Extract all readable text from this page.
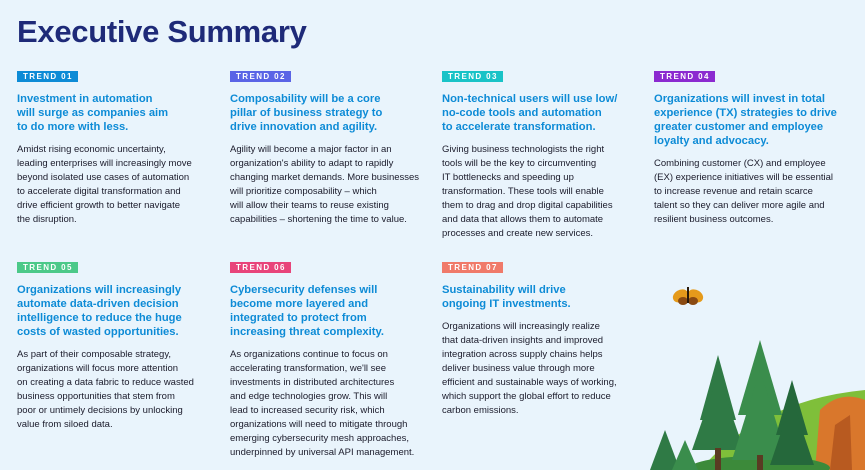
Executive Summary
TREND 01

Investment in automation
will surge as companies aim
to do more with less.

Amidst rising economic uncertainty,
leading enterprises will increasingly move
beyond isolated use cases of automation
to accelerate digital transformation and
drive efficient growth to better navigate
the disruption.

TREND 02

Composability will be a core
pillar of business strategy to
drive innovation and agility.

Agility will become a major factor in an
organization's ability to adapt to rapidly
changing market demands. More businesses
will prioritize composability – which
will allow their teams to reuse existing
capabilities – shortening the time to value.

TREND 03

Non-technical users will use low/
no-code tools and automation
to accelerate transformation.

Giving business technologists the right
tools will be the key to circumventing
IT bottlenecks and speeding up
transformation. These tools will enable
them to drag and drop digital capabilities
and data that allows them to automate
processes and create new services.

TREND 04

Organizations will invest in total
experience (TX) strategies to drive
greater customer and employee
loyalty and advocacy.

Combining customer (CX) and employee
(EX) experience initiatives will be essential
to increase revenue and retain scarce
talent so they can deliver more agile and
resilient business outcomes.

TREND 05

Organizations will increasingly
automate data-driven decision
intelligence to reduce the huge
costs of wasted opportunities.

As part of their composable strategy,
organizations will focus more attention
on creating a data fabric to reduce wasted
business opportunities that stem from
poor or untimely decisions by unlocking
value from siloed data.

TREND 06

Cybersecurity defenses will
become more layered and
integrated to protect from
increasing threat complexity.

As organizations continue to focus on
accelerating transformation, we'll see
investments in distributed architectures
and edge technologies grow. This will
lead to increased security risk, which
organizations will need to mitigate through
emerging cybersecurity mesh approaches,
underpinned by universal API management.

TREND 07

Sustainability will drive
ongoing IT investments.

Organizations will increasingly realize
that data-driven insights and improved
integration across supply chains helps
deliver business value through more
efficient and sustainable ways of working,
which support the global effort to reduce
carbon emissions.
